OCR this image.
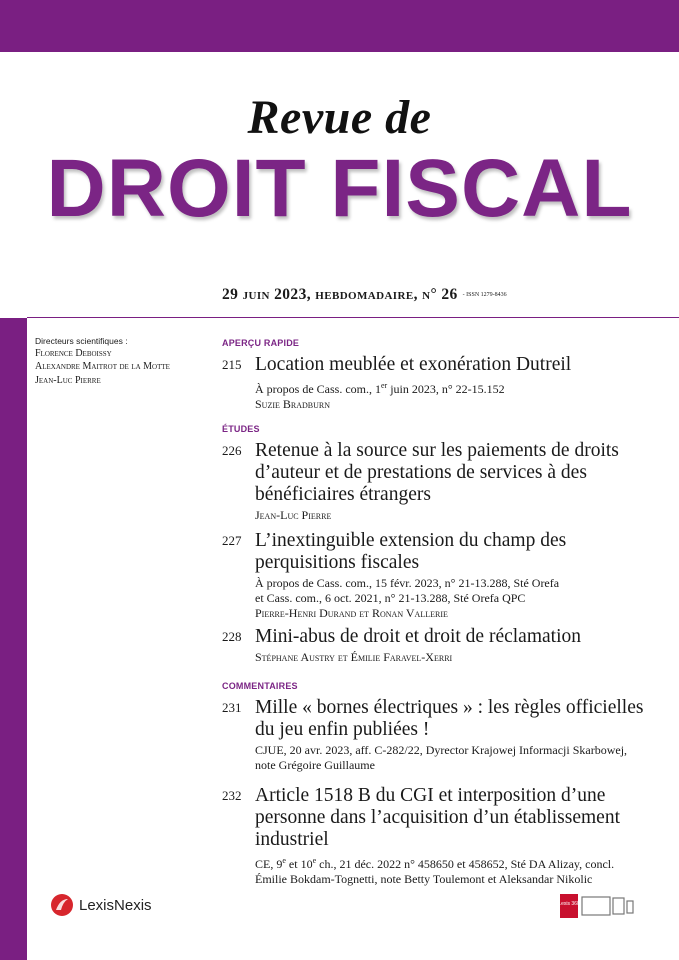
Revue de
DROIT FISCAL
29 juin 2023, hebdomadaire, n° 26 - ISSN 1279-8436
Directeurs scientifiques :
Florence Deboissy
Alexandre Maitrot de la Motte
Jean-Luc Pierre
APERÇU RAPIDE
215 Location meublée et exonération Dutreil
À propos de Cass. com., 1er juin 2023, n° 22-15.152
Suzie Bradburn
ÉTUDES
226 Retenue à la source sur les paiements de droits d’auteur et de prestations de services à des bénéficiaires étrangers
Jean-Luc Pierre
227 L’inextinguible extension du champ des perquisitions fiscales
À propos de Cass. com., 15 févr. 2023, n° 21-13.288, Sté Orefa
et Cass. com., 6 oct. 2021, n° 21-13.288, Sté Orefa QPC
Pierre-Henri Durand et Ronan Vallerie
228 Mini-abus de droit et droit de réclamation
Stéphane Austry et Émilie Faravel-Xerri
COMMENTAIRES
231 Mille « bornes électriques » : les règles officielles du jeu enfin publiées !
CJUE, 20 avr. 2023, aff. C-282/22, Dyrector Krajowej Informacji Skarbowej,
note Grégoire Guillaume
232 Article 1518 B du CGI et interposition d’une personne dans l’acquisition d’un établissement industriel
CE, 9e et 10e ch., 21 déc. 2022 n° 458650 et 458652, Sté DA Alizay, concl.
Émilie Bokdam-Tognetti, note Betty Toulemont et Aleksandar Nikolic
LexisNexis	Lexis 360
